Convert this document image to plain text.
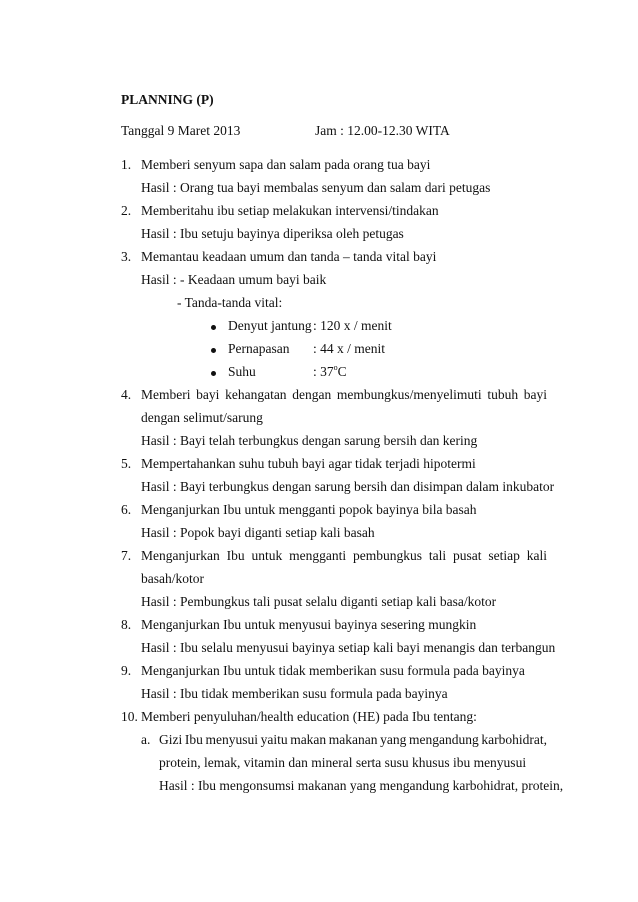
PLANNING (P)
Tanggal 9 Maret 2013	Jam : 12.00-12.30 WITA
1. Memberi senyum sapa dan salam pada orang tua bayi
Hasil : Orang tua bayi membalas senyum dan salam dari petugas
2. Memberitahu ibu setiap melakukan intervensi/tindakan
Hasil : Ibu setuju bayinya diperiksa oleh petugas
3. Memantau keadaan umum dan tanda – tanda vital bayi
Hasil : - Keadaan umum bayi baik
- Tanda-tanda vital:
Denyut jantung : 120 x / menit
Pernapasan : 44 x / menit
Suhu	: 37$^o$C
4. Memberi bayi kehangatan dengan membungkus/menyelimuti tubuh bayi
dengan selimut/sarung
Hasil : Bayi telah terbungkus dengan sarung bersih dan kering
5. Mempertahankan suhu tubuh bayi agar tidak terjadi hipotermi
Hasil : Bayi terbungkus dengan sarung bersih dan disimpan dalam inkubator
6. Menganjurkan Ibu untuk mengganti popok bayinya bila basah
Hasil : Popok bayi diganti setiap kali basah
7. Menganjurkan Ibu untuk mengganti pembungkus tali pusat setiap kali
basah/kotor
Hasil : Pembungkus tali pusat selalu diganti setiap kali basa/kotor
8. Menganjurkan Ibu untuk menyusui bayinya sesering mungkin
Hasil : Ibu selalu menyusui bayinya setiap kali bayi menangis dan terbangun
9. Menganjurkan Ibu untuk tidak memberikan susu formula pada bayinya
Hasil : Ibu tidak memberikan susu formula pada bayinya
10. Memberi penyuluhan/health education (HE) pada Ibu tentang:
a. Gizi Ibu menyusui yaitu makan makanan yang mengandung karbohidrat,
protein, lemak, vitamin dan mineral serta susu khusus ibu menyusui
Hasil : Ibu mengonsumsi makanan yang mengandung karbohidrat, protein,
